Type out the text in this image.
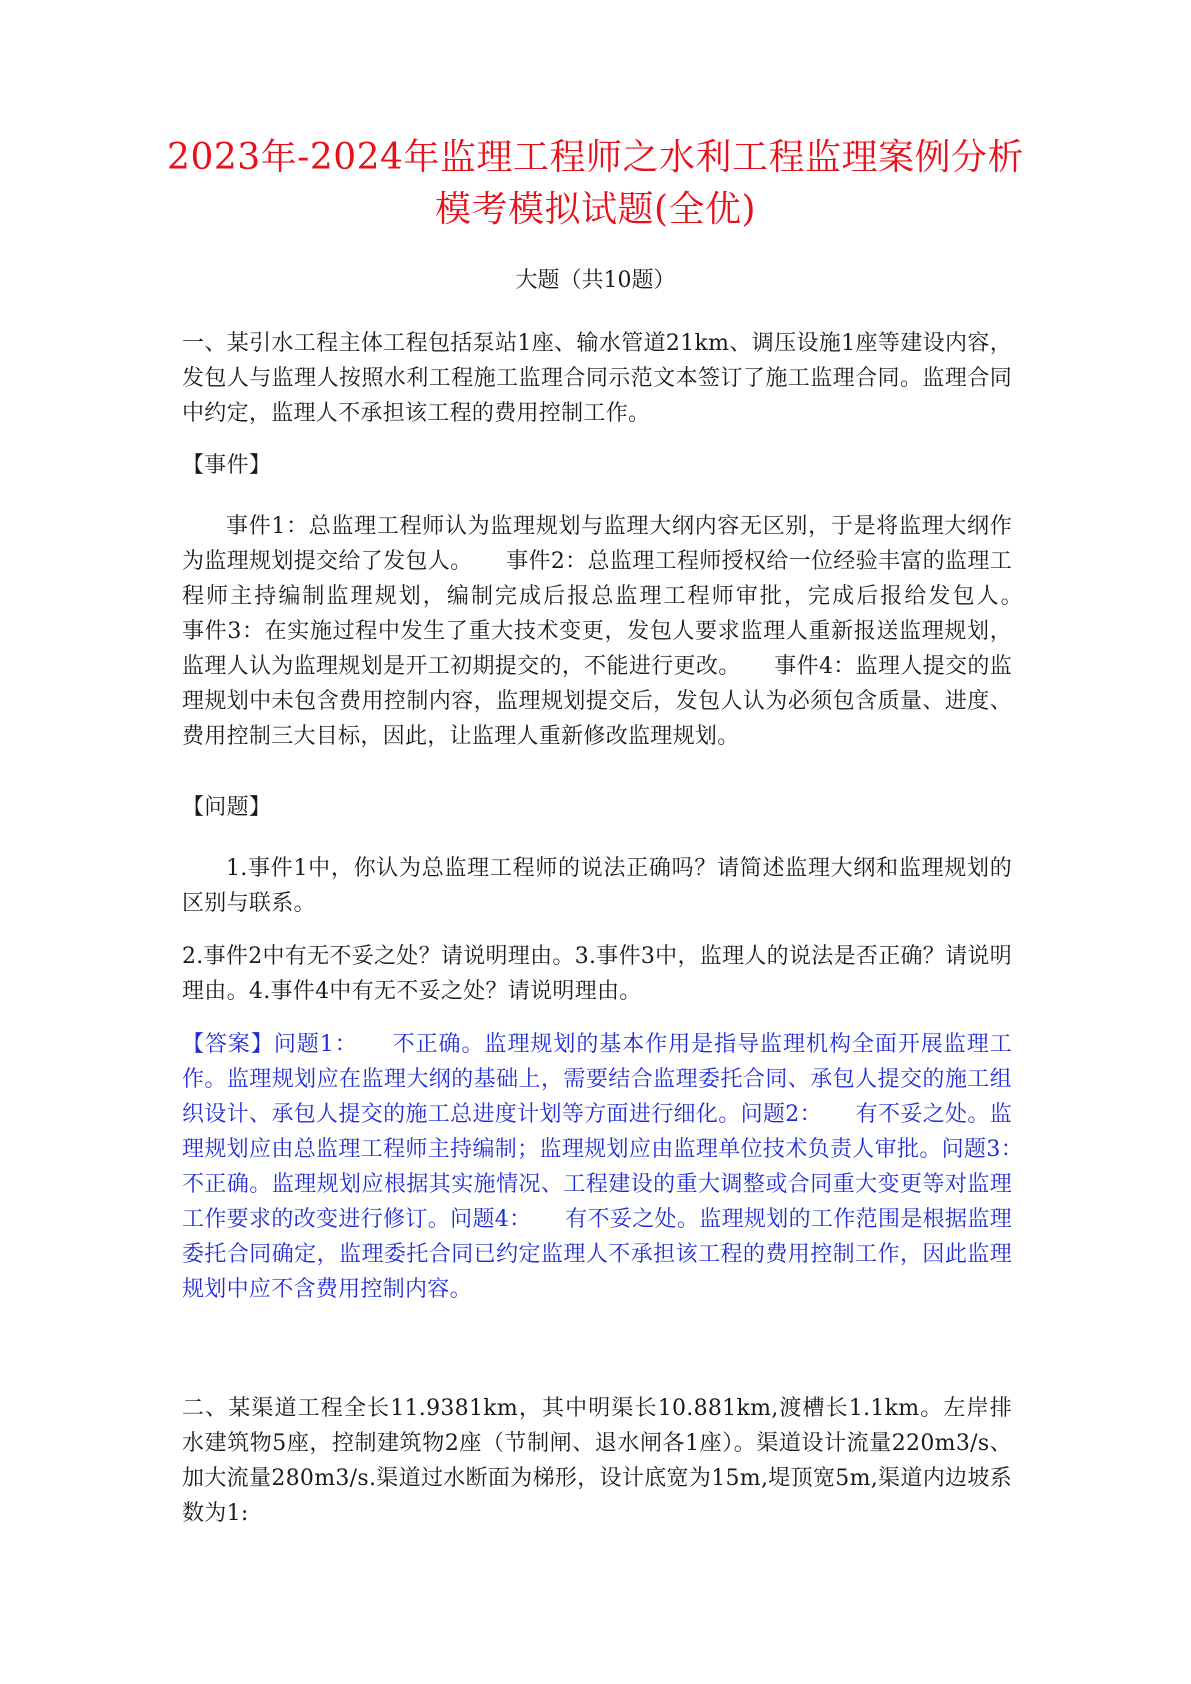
2023年-2024年监理工程师之水利工程监理案例分析模考模拟试题(全优)
大题（共10题）
一、某引水工程主体工程包括泵站1座、输水管道21km、调压设施1座等建设内容，发包人与监理人按照水利工程施工监理合同示范文本签订了施工监理合同。监理合同中约定，监理人不承担该工程的费用控制工作。
【事件】
事件1：总监理工程师认为监理规划与监理大纲内容无区别，于是将监理大纲作为监理规划提交给了发包人。　　事件2：总监理工程师授权给一位经验丰富的监理工程师主持编制监理规划，编制完成后报总监理工程师审批，完成后报给发包人。　　事件3：在实施过程中发生了重大技术变更，发包人要求监理人重新报送监理规划，监理人认为监理规划是开工初期提交的，不能进行更改。　　事件4：监理人提交的监理规划中未包含费用控制内容，监理规划提交后，发包人认为必须包含质量、进度、费用控制三大目标，因此，让监理人重新修改监理规划。
【问题】
1.事件1中，你认为总监理工程师的说法正确吗？请简述监理大纲和监理规划的区别与联系。
2.事件2中有无不妥之处？请说明理由。3.事件3中，监理人的说法是否正确？请说明理由。4.事件4中有无不妥之处？请说明理由。
【答案】问题1：　　不正确。监理规划的基本作用是指导监理机构全面开展监理工作。监理规划应在监理大纲的基础上，需要结合监理委托合同、承包人提交的施工组织设计、承包人提交的施工总进度计划等方面进行细化。问题2：　　有不妥之处。监理规划应由总监理工程师主持编制；监理规划应由监理单位技术负责人审批。问题3：　　不正确。监理规划应根据其实施情况、工程建设的重大调整或合同重大变更等对监理工作要求的改变进行修订。问题4：　　有不妥之处。监理规划的工作范围是根据监理委托合同确定，监理委托合同已约定监理人不承担该工程的费用控制工作，因此监理规划中应不含费用控制内容。
二、某渠道工程全长11.9381km，其中明渠长10.881km,渡槽长1.1km。左岸排水建筑物5座，控制建筑物2座（节制闸、退水闸各1座）。渠道设计流量220m3/s、加大流量280m3/s.渠道过水断面为梯形，设计底宽为15m,堤顶宽5m,渠道内边坡系数为1:
